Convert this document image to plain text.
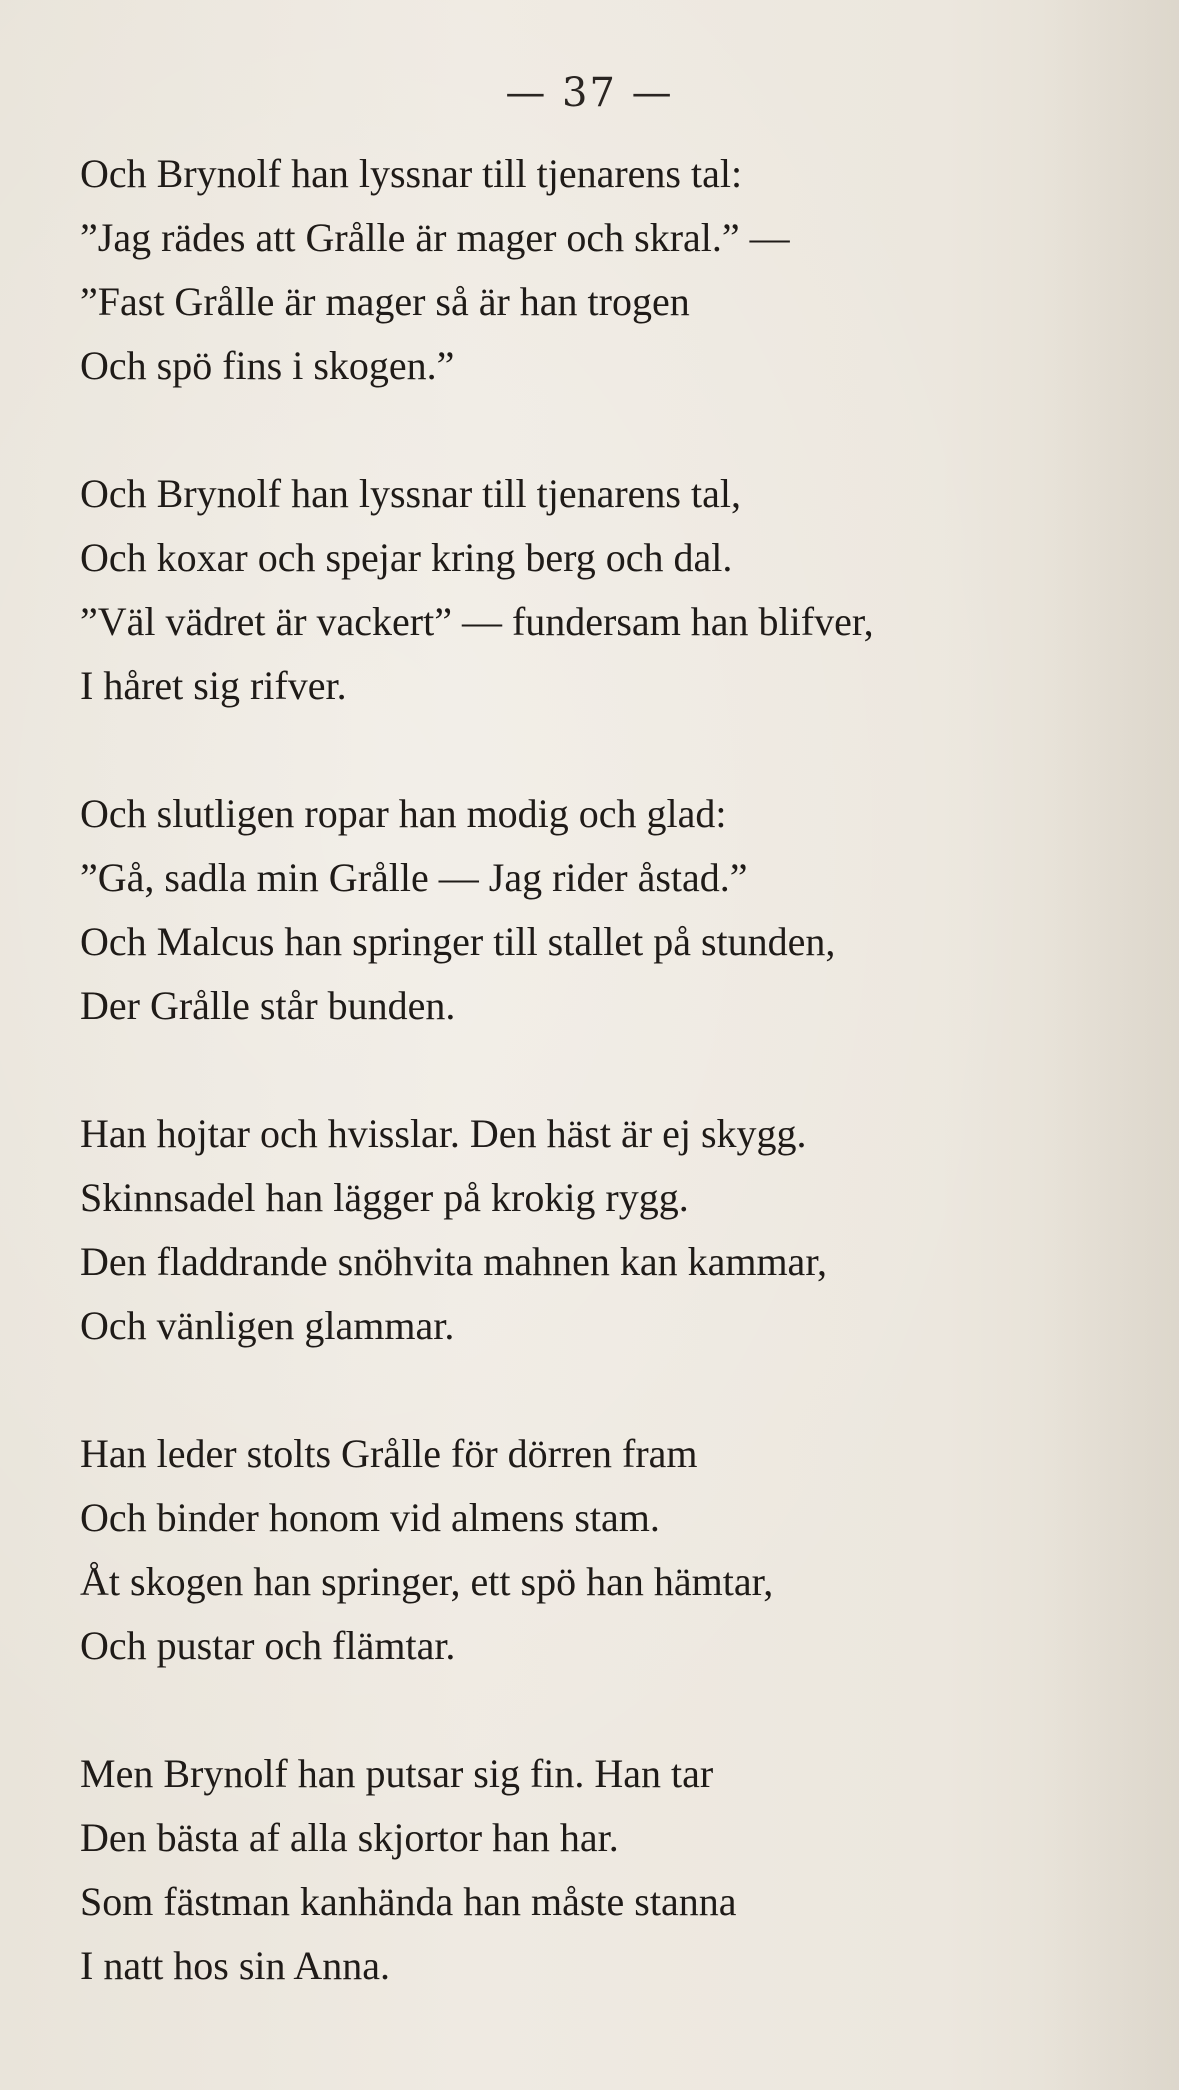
— 37 —
Och Brynolf han lyssnar till tjenarens tal:
”Jag rädes att Grålle är mager och skral.” —
”Fast Grålle är mager så är han trogen
Och spö fins i skogen.”
Och Brynolf han lyssnar till tjenarens tal,
Och koxar och spejar kring berg och dal.
”Väl vädret är vackert” — fundersam han blifver,
I håret sig rifver.
Och slutligen ropar han modig och glad:
”Gå, sadla min Grålle — Jag rider åstad.”
Och Malcus han springer till stallet på stunden,
Der Grålle står bunden.
Han hojtar och hvisslar. Den häst är ej skygg.
Skinnsadel han lägger på krokig rygg.
Den fladdrande snöhvita mahnen kan kammar,
Och vänligen glammar.
Han leder stolts Grålle för dörren fram
Och binder honom vid almens stam.
Åt skogen han springer, ett spö han hämtar,
Och pustar och flämtar.
Men Brynolf han putsar sig fin. Han tar
Den bästa af alla skjortor han har.
Som fästman kanhända han måste stanna
I natt hos sin Anna.
